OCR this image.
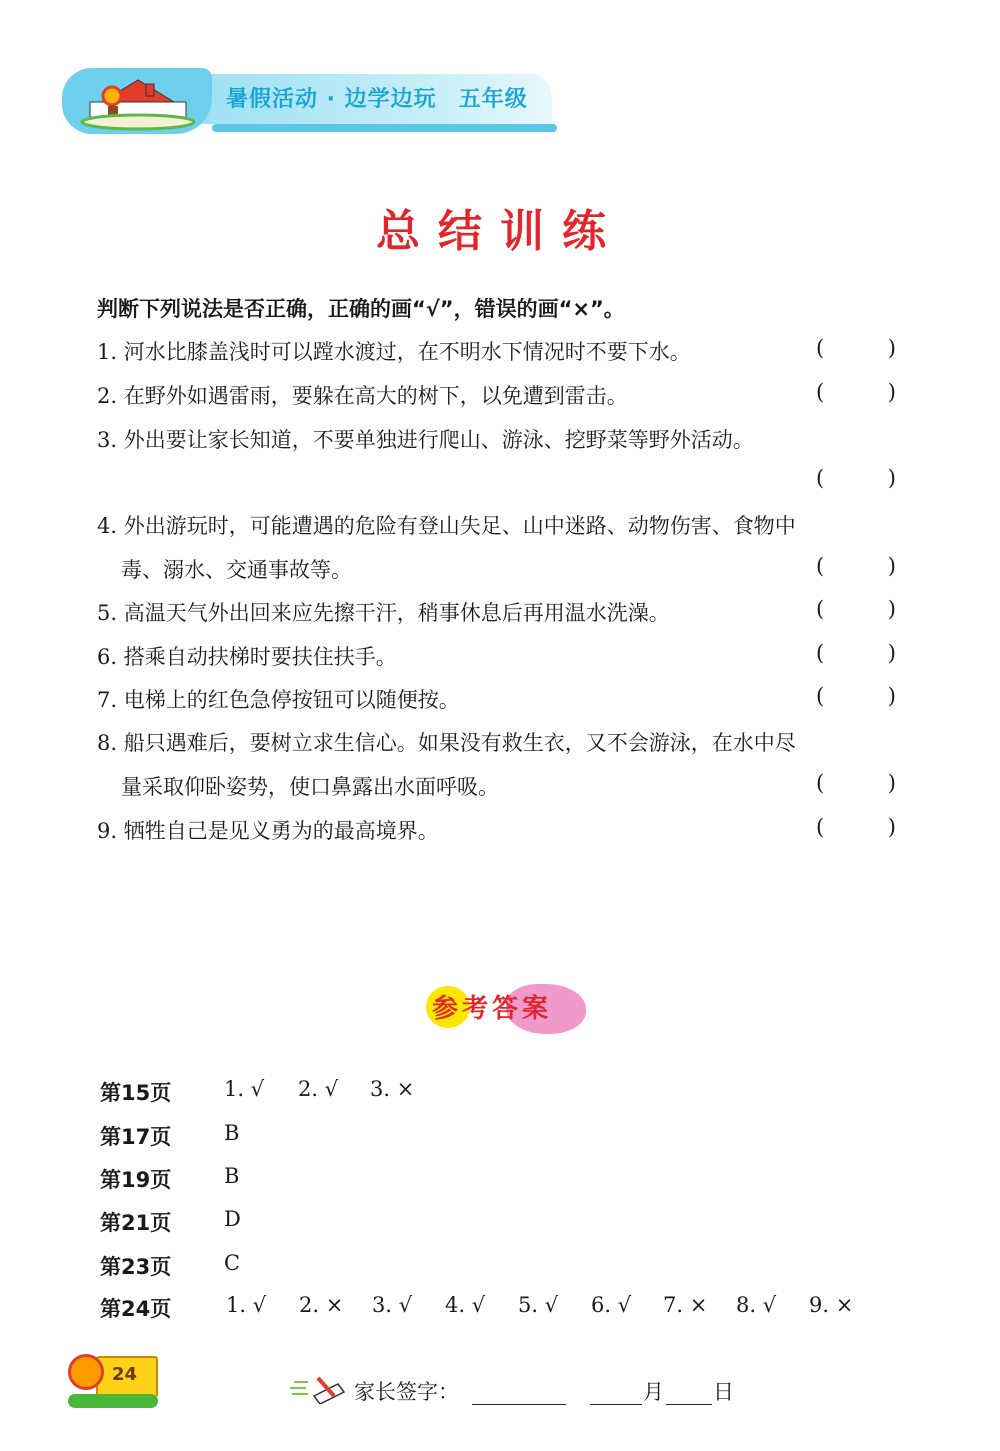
暑假活动 · 边学边玩 五年级
总结训练
判断下列说法是否正确，正确的画“√”，错误的画“×”。
1. 河水比膝盖浅时可以蹚水渡过，在不明水下情况时不要下水。	(	)
2. 在野外如遇雷雨，要躲在高大的树下，以免遭到雷击。	(	)
3. 外出要让家长知道，不要单独进行爬山、游泳、挖野菜等野外活动。
(	)
4. 外出游玩时，可能遭遇的危险有登山失足、山中迷路、动物伤害、食物中
毒、溺水、交通事故等。	(	)
5. 高温天气外出回来应先擦干汗，稍事休息后再用温水洗澡。	(	)
6. 搭乘自动扶梯时要扶住扶手。	(	)
7. 电梯上的红色急停按钮可以随便按。	(	)
8. 船只遇难后，要树立求生信心。如果没有救生衣，又不会游泳，在水中尽
量采取仰卧姿势，使口鼻露出水面呼吸。	(	)
9. 牺牲自己是见义勇为的最高境界。	(	)
参考答案
第15页	1. √ 2. √ 3. ×
第17页	B
第19页	B
第21页	D
第23页	C
第24页	1. √ 2. × 3. √ 4. √ 5. √ 6. √ 7. × 8. √ 9. ×
24
家长签字：	月 日
